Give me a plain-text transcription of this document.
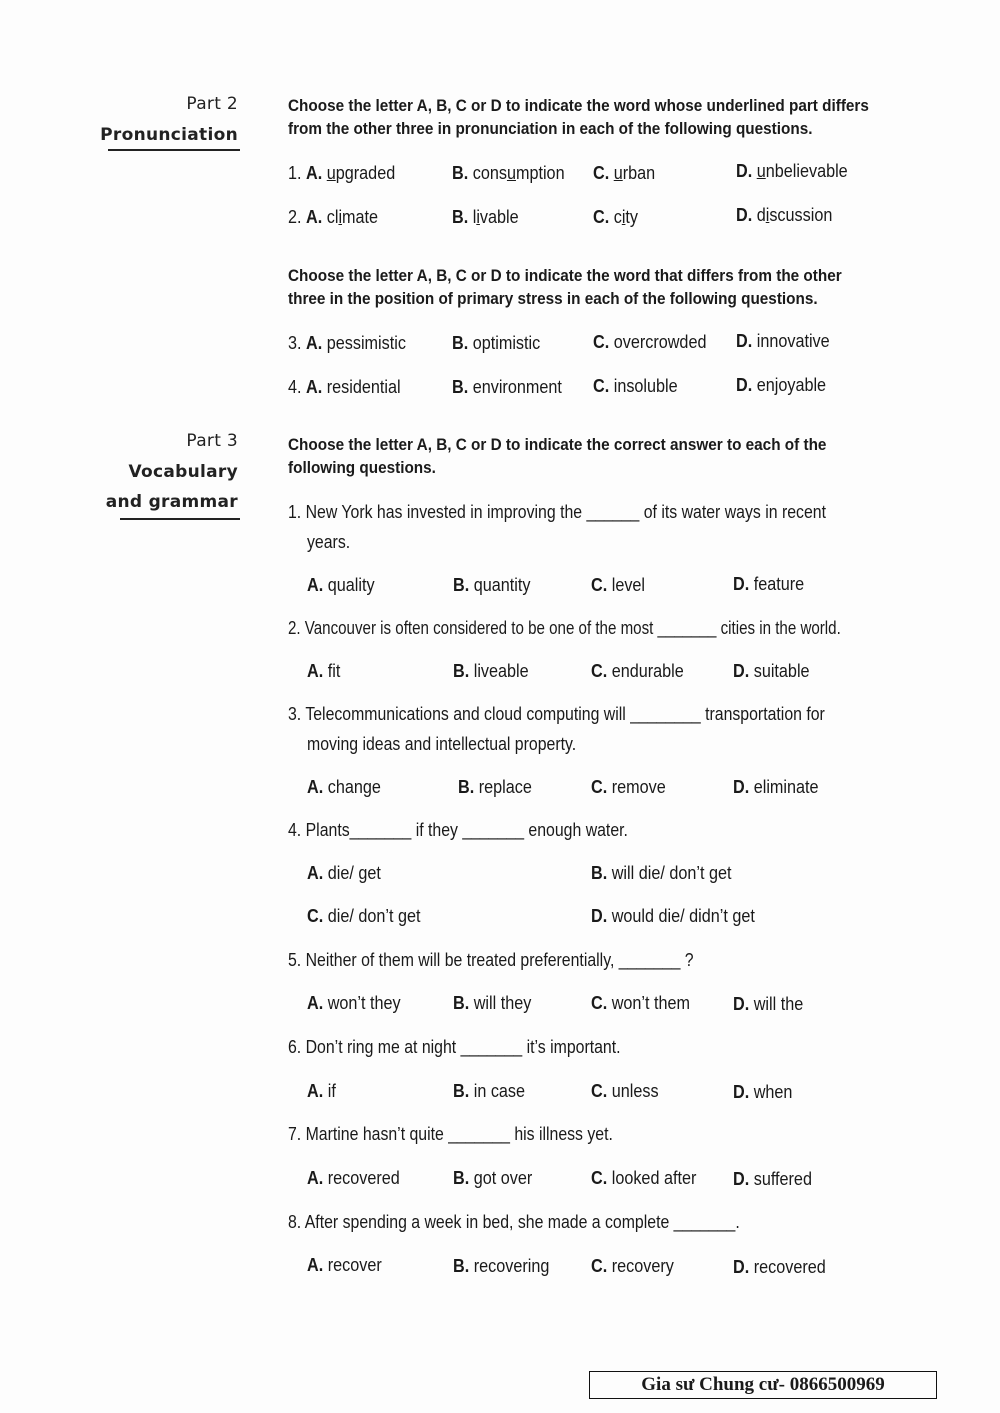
Part 2
Pronunciation
Choose the letter A, B, C or D to indicate the word whose underlined part differs
from the other three in pronunciation in each of the following questions.
1. A. upgraded	B. consumption C. urban	D. unbelievable
2. A. climate	B. livable	C. city	D. discussion
Choose the letter A, B, C or D to indicate the word that differs from the other
three in the position of primary stress in each of the following questions.
3. A. pessimistic	B. optimistic	C. overcrowded D. innovative
4. A. residential	B. environment C. insoluble	D. enjoyable
Part 3
Vocabulary
and grammar
Choose the letter A, B, C or D to indicate the correct answer to each of the
following questions.
1. New York has invested in improving the ______ of its water ways in recent
years.
A. quality	B. quantity	C. level	D. feature
2. Vancouver is often considered to be one of the most _______ cities in the world.
A. fit	B. liveable	C. endurable	D. suitable
3. Telecommunications and cloud computing will ________ transportation for
moving ideas and intellectual property.
A. change	B. replace	C. remove	D. eliminate
4. Plants_______ if they _______ enough water.
A. die/ get	B. will die/ don’t get
C. die/ don’t get	D. would die/ didn’t get
5. Neither of them will be treated preferentially, _______ ?
A. won’t they	B. will they	C. won’t them D. will the
6. Don’t ring me at night _______ it’s important.
A. if	B. in case	C. unless	D. when
7. Martine hasn’t quite _______ his illness yet.
A. recovered	B. got over	C. looked after D. suffered
8. After spending a week in bed, she made a complete _______.
A. recover	B. recovering C. recovery	D. recovered
Gia sư Chung cư- 0866500969
